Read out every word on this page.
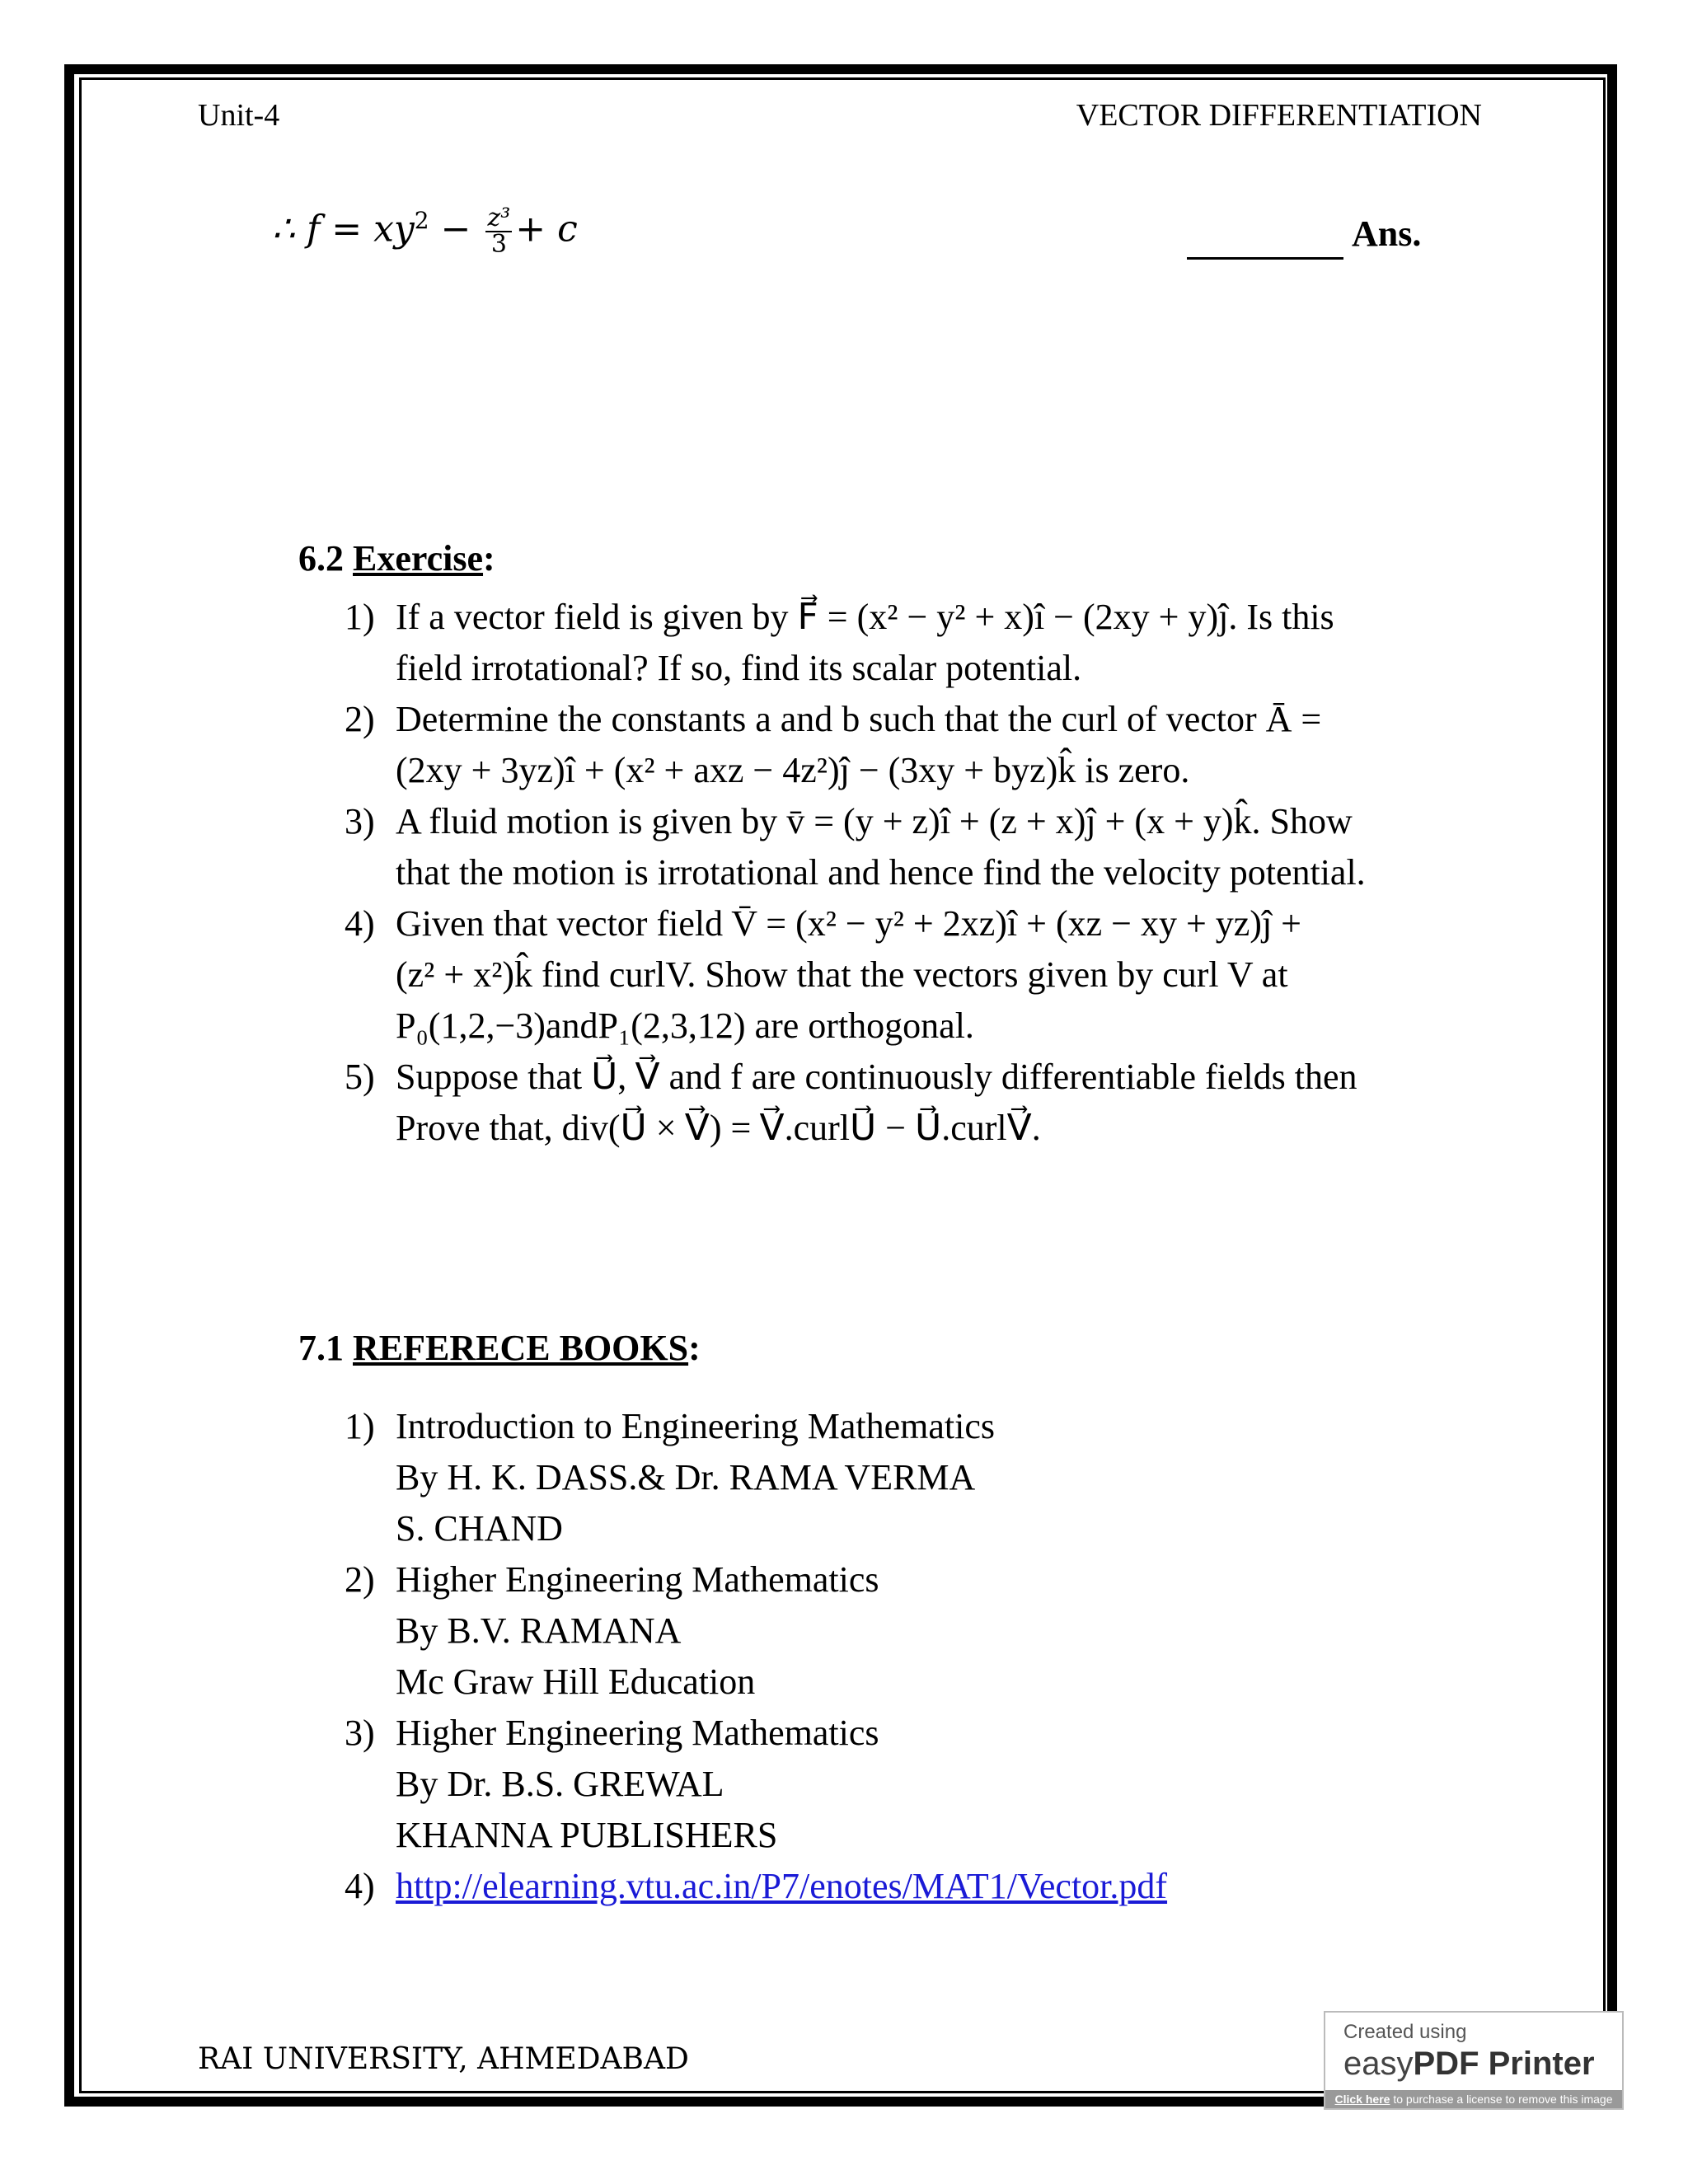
Unit-4	VECTOR DIFFERENTIATION
∴ $f = xy^2 - \frac{\text{z³}}{3} + c$	Ans.
6.2 Exercise:
1) If a vector field is given by F⃗ = (x² − y² + x)î − (2xy + y)ĵ. Is this
field irrotational? If so, find its scalar potential.
2) Determine the constants a and b such that the curl of vector Ā =
(2xy + 3yz)î + (x² + axz − 4z²)ĵ − (3xy + byz)k̂ is zero.
3) A fluid motion is given by v̄ = (y + z)î + (z + x)ĵ + (x + y)k̂. Show
that the motion is irrotational and hence find the velocity potential.
4) Given that vector field V̄ = (x² − y² + 2xz)î + (xz − xy + yz)ĵ +
(z² + x²)k̂ find curlV. Show that the vectors given by curl V at
P₀(1,2,−3)andP₁(2,3,12) are orthogonal.
5) Suppose that U⃗, V⃗ and f are continuously differentiable fields then
Prove that, div(U⃗ × V⃗) = V⃗.curlU⃗ − U⃗.curlV⃗.
7.1 REFERECE BOOKS:
1) Introduction to Engineering Mathematics
By H. K. DASS.& Dr. RAMA VERMA
S. CHAND
2) Higher Engineering Mathematics
By B.V. RAMANA
Mc Graw Hill Education
3) Higher Engineering Mathematics
By Dr. B.S. GREWAL
KHANNA PUBLISHERS
4) http://elearning.vtu.ac.in/P7/enotes/MAT1/Vector.pdf
RAI UNIVERSITY, AHMEDABAD
Created using
easyPDF Printer
Click here to purchase a license to remove this image
